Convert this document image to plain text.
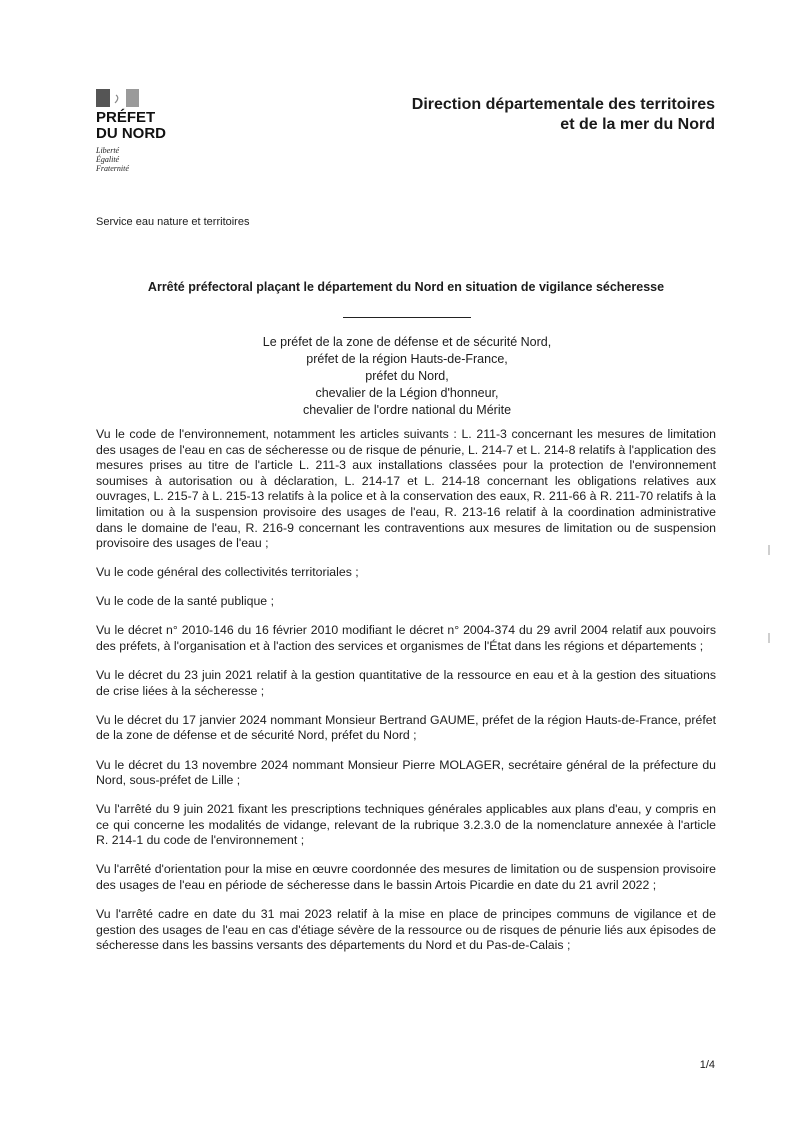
PRÉFET
DU NORD
Liberté
Égalité
Fraternité
Direction départementale des territoires
et de la mer du Nord
Service eau nature et territoires
Arrêté préfectoral plaçant le département du Nord en situation de vigilance sécheresse
Le préfet de la zone de défense et de sécurité Nord,
préfet de la région Hauts-de-France,
préfet du Nord,
chevalier de la Légion d'honneur,
chevalier de l'ordre national du Mérite

Vu le code de l'environnement, notamment les articles suivants : L. 211-3 concernant les mesures de limitation des usages de l'eau en cas de sécheresse ou de risque de pénurie, L. 214-7 et L. 214-8 relatifs à l'application des mesures prises au titre de l'article L. 211-3 aux installations classées pour la protection de l'environnement soumises à autorisation ou à déclaration, L. 214-17 et L. 214-18 concernant les obligations relatives aux ouvrages, L. 215-7 à L. 215-13 relatifs à la police et à la conservation des eaux, R. 211-66 à R. 211-70 relatifs à la limitation ou à la suspension provisoire des usages de l'eau, R. 213-16 relatif à la coordination administrative dans le domaine de l'eau, R. 216-9 concernant les contraventions aux mesures de limitation ou de suspension provisoire des usages de l'eau ;

Vu le code général des collectivités territoriales ;

Vu le code de la santé publique ;

Vu le décret n° 2010-146 du 16 février 2010 modifiant le décret n° 2004-374 du 29 avril 2004 relatif aux pouvoirs des préfets, à l'organisation et à l'action des services et organismes de l'État dans les régions et départements ;

Vu le décret du 23 juin 2021 relatif à la gestion quantitative de la ressource en eau et à la gestion des situations de crise liées à la sécheresse ;

Vu le décret du 17 janvier 2024 nommant Monsieur Bertrand GAUME, préfet de la région Hauts-de-France, préfet de la zone de défense et de sécurité Nord, préfet du Nord ;

Vu le décret du 13 novembre 2024 nommant Monsieur Pierre MOLAGER, secrétaire général de la préfecture du Nord, sous-préfet de Lille ;

Vu l'arrêté du 9 juin 2021 fixant les prescriptions techniques générales applicables aux plans d'eau, y compris en ce qui concerne les modalités de vidange, relevant de la rubrique 3.2.3.0 de la nomenclature annexée à l'article R. 214-1 du code de l'environnement ;

Vu l'arrêté d'orientation pour la mise en œuvre coordonnée des mesures de limitation ou de suspension provisoire des usages de l'eau en période de sécheresse dans le bassin Artois Picardie en date du 21 avril 2022 ;

Vu l'arrêté cadre en date du 31 mai 2023 relatif à la mise en place de principes communs de vigilance et de gestion des usages de l'eau en cas d'étiage sévère de la ressource ou de risques de pénurie liés aux épisodes de sécheresse dans les bassins versants des départements du Nord et du Pas-de-Calais ;

1/4
